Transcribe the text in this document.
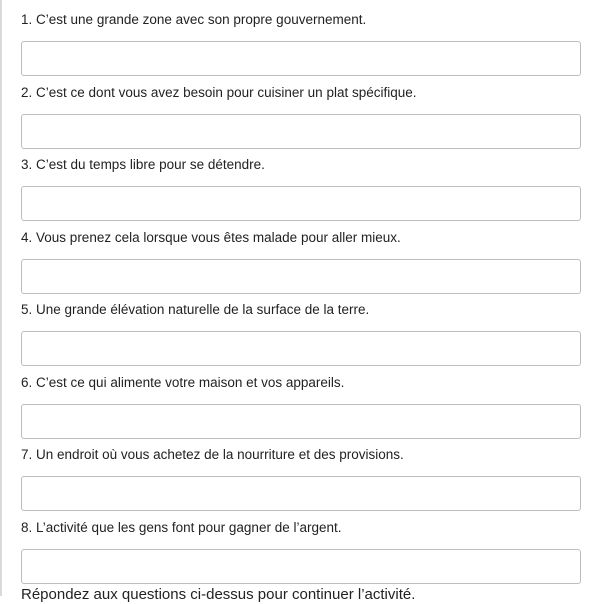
1. C’est une grande zone avec son propre gouvernement.
2. C’est ce dont vous avez besoin pour cuisiner un plat spécifique.
3. C’est du temps libre pour se détendre.
4. Vous prenez cela lorsque vous êtes malade pour aller mieux.
5. Une grande élévation naturelle de la surface de la terre.
6. C’est ce qui alimente votre maison et vos appareils.
7. Un endroit où vous achetez de la nourriture et des provisions.
8. L’activité que les gens font pour gagner de l’argent.
Répondez aux questions ci-dessus pour continuer l’activité.
